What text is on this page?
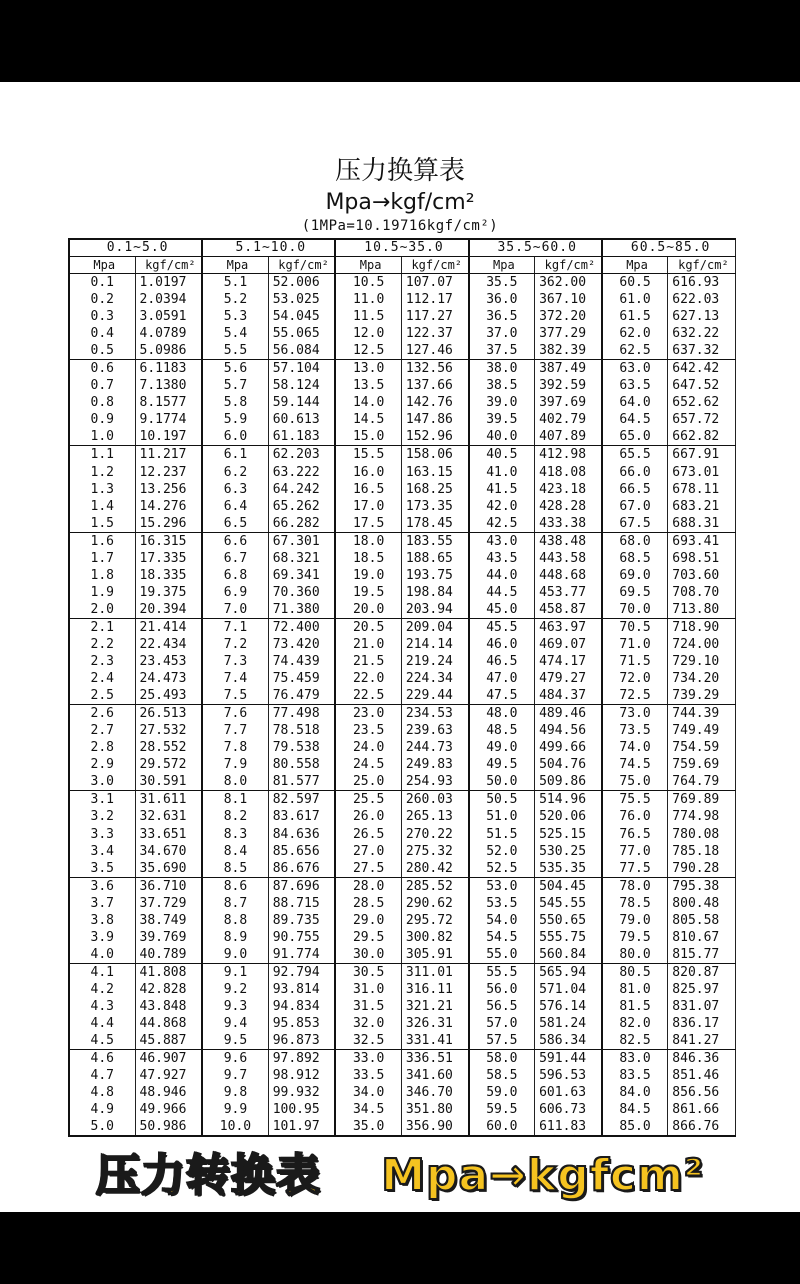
压力换算表
Mpa→kgf/cm²
(1MPa=10.19716kgf/cm²)
0.1~5.0		5.1~10.0		10.5~35.0		35.5~60.0		60.5~85.0	
Mpa	kgf/cm²	Mpa	kgf/cm²	Mpa	kgf/cm²	Mpa	kgf/cm²	Mpa	kgf/cm²
0.1	1.0197	5.1	52.006	10.5	107.07	35.5	362.00	60.5	616.93
0.2	2.0394	5.2	53.025	11.0	112.17	36.0	367.10	61.0	622.03
0.3	3.0591	5.3	54.045	11.5	117.27	36.5	372.20	61.5	627.13
0.4	4.0789	5.4	55.065	12.0	122.37	37.0	377.29	62.0	632.22
0.5	5.0986	5.5	56.084	12.5	127.46	37.5	382.39	62.5	637.32
0.6	6.1183	5.6	57.104	13.0	132.56	38.0	387.49	63.0	642.42
0.7	7.1380	5.7	58.124	13.5	137.66	38.5	392.59	63.5	647.52
0.8	8.1577	5.8	59.144	14.0	142.76	39.0	397.69	64.0	652.62
0.9	9.1774	5.9	60.613	14.5	147.86	39.5	402.79	64.5	657.72
1.0	10.197	6.0	61.183	15.0	152.96	40.0	407.89	65.0	662.82
1.1	11.217	6.1	62.203	15.5	158.06	40.5	412.98	65.5	667.91
1.2	12.237	6.2	63.222	16.0	163.15	41.0	418.08	66.0	673.01
1.3	13.256	6.3	64.242	16.5	168.25	41.5	423.18	66.5	678.11
1.4	14.276	6.4	65.262	17.0	173.35	42.0	428.28	67.0	683.21
1.5	15.296	6.5	66.282	17.5	178.45	42.5	433.38	67.5	688.31
1.6	16.315	6.6	67.301	18.0	183.55	43.0	438.48	68.0	693.41
1.7	17.335	6.7	68.321	18.5	188.65	43.5	443.58	68.5	698.51
1.8	18.335	6.8	69.341	19.0	193.75	44.0	448.68	69.0	703.60
1.9	19.375	6.9	70.360	19.5	198.84	44.5	453.77	69.5	708.70
2.0	20.394	7.0	71.380	20.0	203.94	45.0	458.87	70.0	713.80
2.1	21.414	7.1	72.400	20.5	209.04	45.5	463.97	70.5	718.90
2.2	22.434	7.2	73.420	21.0	214.14	46.0	469.07	71.0	724.00
2.3	23.453	7.3	74.439	21.5	219.24	46.5	474.17	71.5	729.10
2.4	24.473	7.4	75.459	22.0	224.34	47.0	479.27	72.0	734.20
2.5	25.493	7.5	76.479	22.5	229.44	47.5	484.37	72.5	739.29
2.6	26.513	7.6	77.498	23.0	234.53	48.0	489.46	73.0	744.39
2.7	27.532	7.7	78.518	23.5	239.63	48.5	494.56	73.5	749.49
2.8	28.552	7.8	79.538	24.0	244.73	49.0	499.66	74.0	754.59
2.9	29.572	7.9	80.558	24.5	249.83	49.5	504.76	74.5	759.69
3.0	30.591	8.0	81.577	25.0	254.93	50.0	509.86	75.0	764.79
3.1	31.611	8.1	82.597	25.5	260.03	50.5	514.96	75.5	769.89
3.2	32.631	8.2	83.617	26.0	265.13	51.0	520.06	76.0	774.98
3.3	33.651	8.3	84.636	26.5	270.22	51.5	525.15	76.5	780.08
3.4	34.670	8.4	85.656	27.0	275.32	52.0	530.25	77.0	785.18
3.5	35.690	8.5	86.676	27.5	280.42	52.5	535.35	77.5	790.28
3.6	36.710	8.6	87.696	28.0	285.52	53.0	504.45	78.0	795.38
3.7	37.729	8.7	88.715	28.5	290.62	53.5	545.55	78.5	800.48
3.8	38.749	8.8	89.735	29.0	295.72	54.0	550.65	79.0	805.58
3.9	39.769	8.9	90.755	29.5	300.82	54.5	555.75	79.5	810.67
4.0	40.789	9.0	91.774	30.0	305.91	55.0	560.84	80.0	815.77
4.1	41.808	9.1	92.794	30.5	311.01	55.5	565.94	80.5	820.87
4.2	42.828	9.2	93.814	31.0	316.11	56.0	571.04	81.0	825.97
4.3	43.848	9.3	94.834	31.5	321.21	56.5	576.14	81.5	831.07
4.4	44.868	9.4	95.853	32.0	326.31	57.0	581.24	82.0	836.17
4.5	45.887	9.5	96.873	32.5	331.41	57.5	586.34	82.5	841.27
4.6	46.907	9.6	97.892	33.0	336.51	58.0	591.44	83.0	846.36
4.7	47.927	9.7	98.912	33.5	341.60	58.5	596.53	83.5	851.46
4.8	48.946	9.8	99.932	34.0	346.70	59.0	601.63	84.0	856.56
4.9	49.966	9.9	100.95	34.5	351.80	59.5	606.73	84.5	861.66
5.0	50.986	10.0	101.97	35.0	356.90	60.0	611.83	85.0	866.76
压力转换表 Mpa→kgfcm²
